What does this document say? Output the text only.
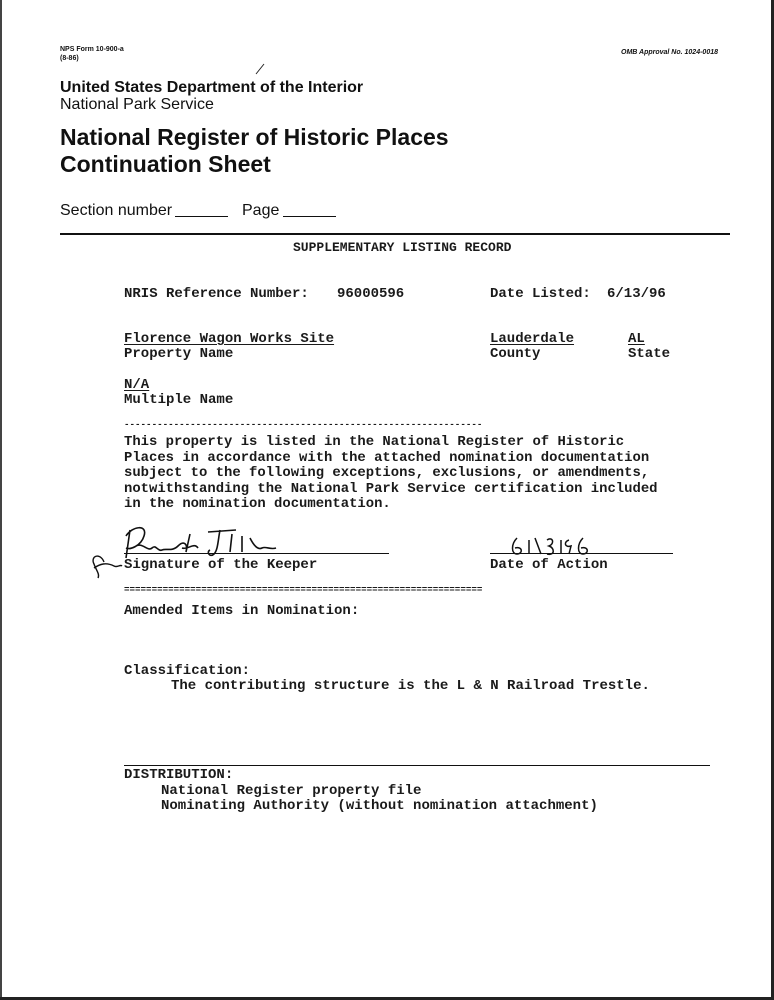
NPS Form 10-900-a
(8-86)
OMB Approval No. 1024-0018
United States Department of the Interior
National Park Service
National Register of Historic Places
Continuation Sheet
Section number	Page
SUPPLEMENTARY LISTING RECORD
NRIS Reference Number: 96000596	Date Listed: 6/13/96
Florence Wagon Works Site
Property Name
Lauderdale
County
AL
State
N/A
Multiple Name
-----------------------------------------------------------------
This property is listed in the National Register of Historic
Places in accordance with the attached nomination documentation
subject to the following exceptions, exclusions, or amendments,
notwithstanding the National Park Service certification included
in the nomination documentation.
Signature of the Keeper	Date of Action
=================================================================
Amended Items in Nomination:
Classification:
The contributing structure is the L & N Railroad Trestle.
DISTRIBUTION:
National Register property file
Nominating Authority (without nomination attachment)
